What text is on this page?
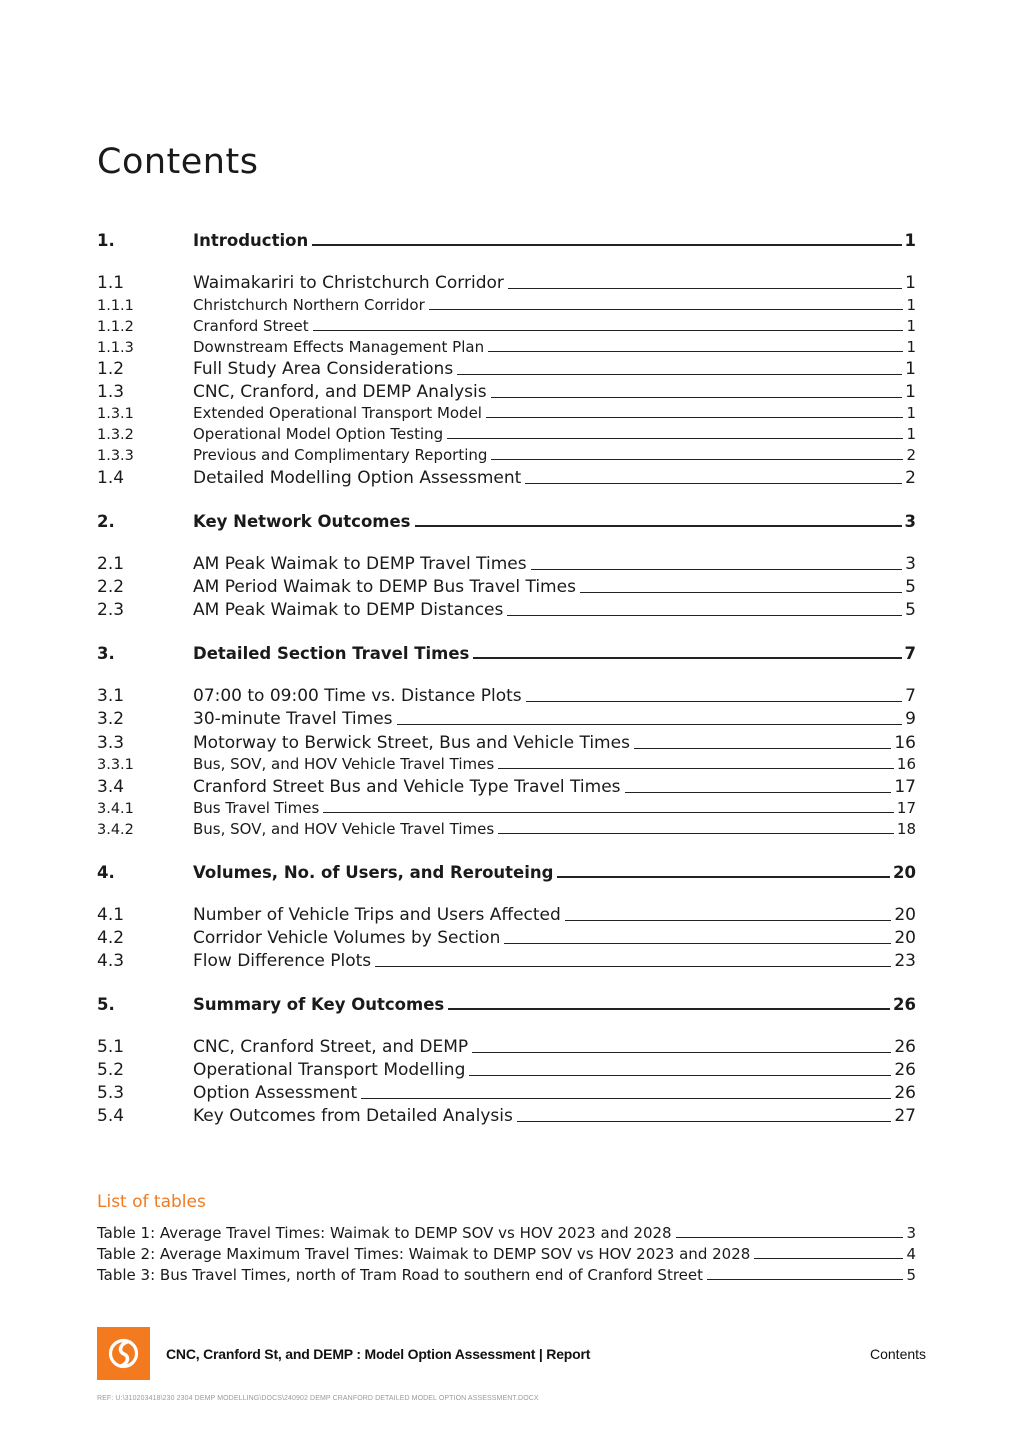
Contents
1.	Introduction	1
1.1	Waimakariri to Christchurch Corridor	1
1.1.1	Christchurch Northern Corridor	1
1.1.2	Cranford Street	1
1.1.3	Downstream Effects Management Plan	1
1.2	Full Study Area Considerations	1
1.3	CNC, Cranford, and DEMP Analysis	1
1.3.1	Extended Operational Transport Model	1
1.3.2	Operational Model Option Testing	1
1.3.3	Previous and Complimentary Reporting	2
1.4	Detailed Modelling Option Assessment	2
2.	Key Network Outcomes	3
2.1	AM Peak Waimak to DEMP Travel Times	3
2.2	AM Period Waimak to DEMP Bus Travel Times	5
2.3	AM Peak Waimak to DEMP Distances	5
3.	Detailed Section Travel Times	7
3.1	07:00 to 09:00 Time vs. Distance Plots	7
3.2	30-minute Travel Times	9
3.3	Motorway to Berwick Street, Bus and Vehicle Times	16
3.3.1	Bus, SOV, and HOV Vehicle Travel Times	16
3.4	Cranford Street Bus and Vehicle Type Travel Times	17
3.4.1	Bus Travel Times	17
3.4.2	Bus, SOV, and HOV Vehicle Travel Times	18
4.	Volumes, No. of Users, and Rerouteing	20
4.1	Number of Vehicle Trips and Users Affected	20
4.2	Corridor Vehicle Volumes by Section	20
4.3	Flow Difference Plots	23
5.	Summary of Key Outcomes	26
5.1	CNC, Cranford Street, and DEMP	26
5.2	Operational Transport Modelling	26
5.3	Option Assessment	26
5.4	Key Outcomes from Detailed Analysis	27
List of tables
Table 1: Average Travel Times: Waimak to DEMP SOV vs HOV 2023 and 2028	3
Table 2: Average Maximum Travel Times: Waimak to DEMP SOV vs HOV 2023 and 2028	4
Table 3: Bus Travel Times, north of Tram Road to southern end of Cranford Street	5
CNC, Cranford St, and DEMP : Model Option Assessment | Report	Contents
REF: U:\310203418\230 2304 DEMP MODELLING\DOCS\240902 DEMP CRANFORD DETAILED MODEL OPTION ASSESSMENT.DOCX
